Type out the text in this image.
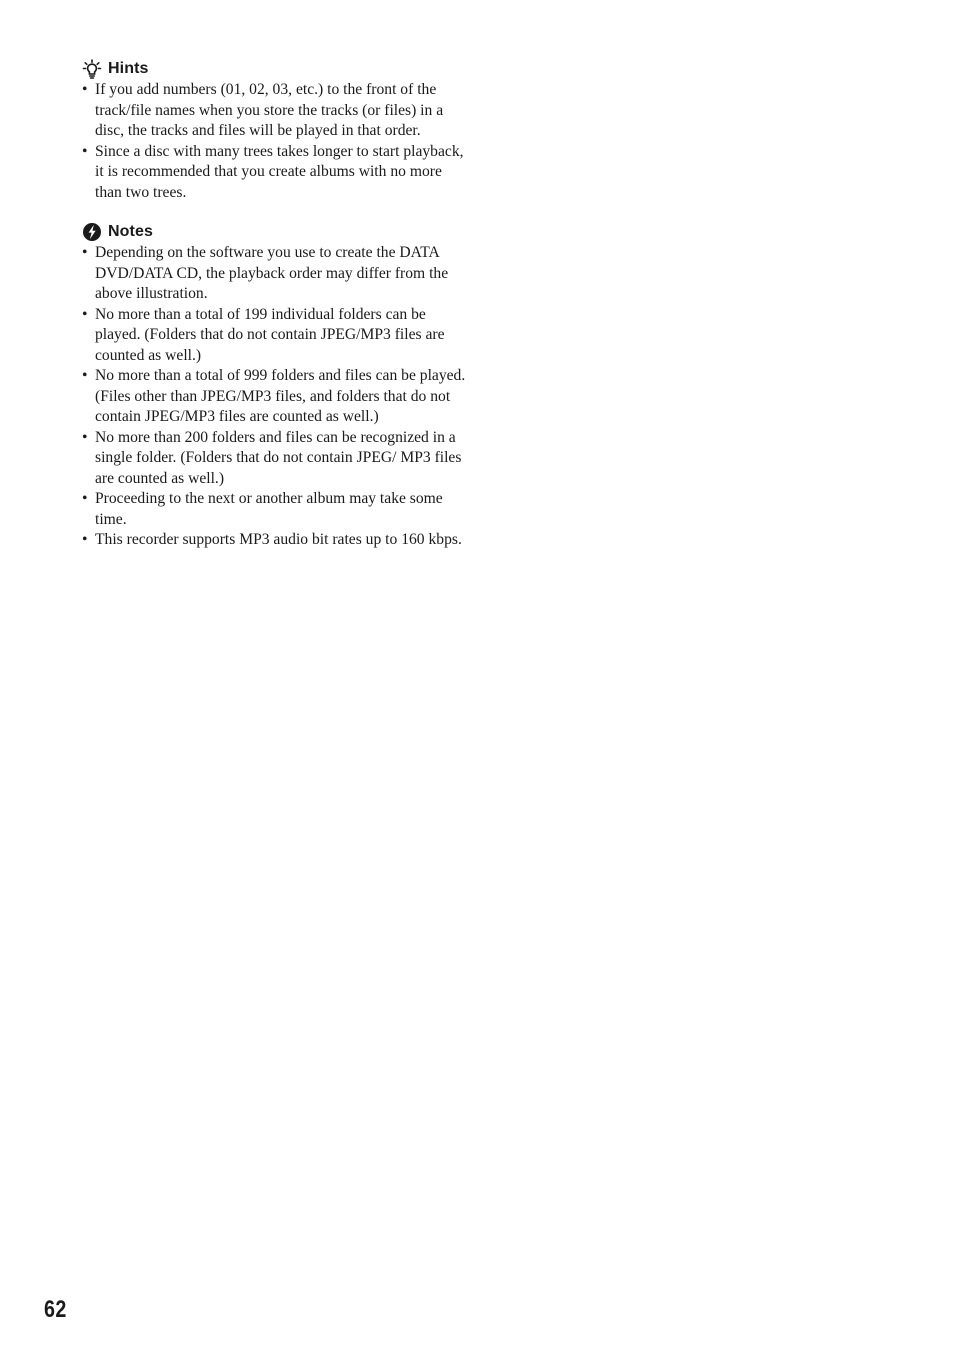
Hints
• If you add numbers (01, 02, 03, etc.) to the front of the track/file names when you store the tracks (or files) in a disc, the tracks and files will be played in that order.
• Since a disc with many trees takes longer to start playback, it is recommended that you create albums with no more than two trees.
Notes
• Depending on the software you use to create the DATA DVD/DATA CD, the playback order may differ from the above illustration.
• No more than a total of 199 individual folders can be played. (Folders that do not contain JPEG/MP3 files are counted as well.)
• No more than a total of 999 folders and files can be played. (Files other than JPEG/MP3 files, and folders that do not contain JPEG/MP3 files are counted as well.)
• No more than 200 folders and files can be recognized in a single folder. (Folders that do not contain JPEG/ MP3 files are counted as well.)
• Proceeding to the next or another album may take some time.
• This recorder supports MP3 audio bit rates up to 160 kbps.
62
